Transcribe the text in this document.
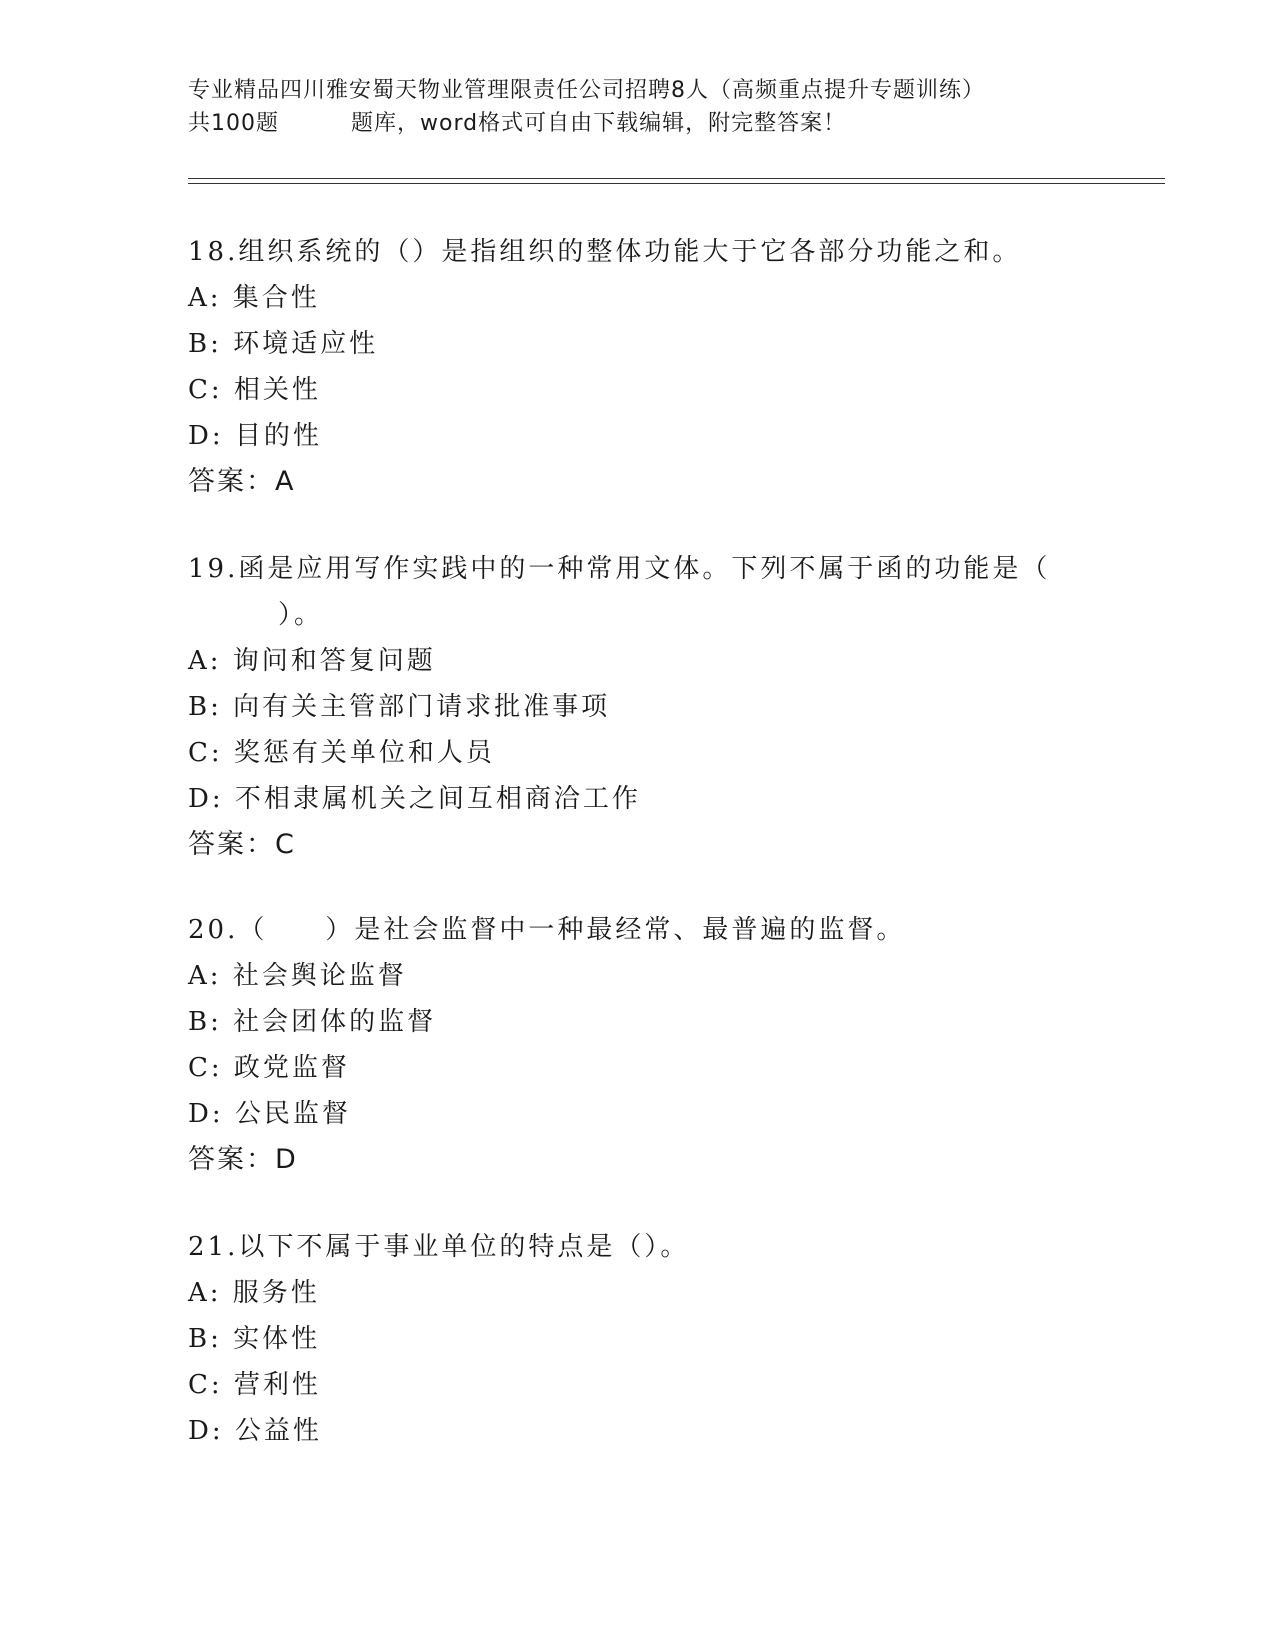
专业精品四川雅安蜀天物业管理限责任公司招聘8人（高频重点提升专题训练）
共100题	题库，word格式可自由下载编辑，附完整答案！
18.组织系统的（）是指组织的整体功能大于它各部分功能之和。
A: 集合性
B: 环境适应性
C: 相关性
D: 目的性
答案：A
19.函是应用写作实践中的一种常用文体。下列不属于函的功能是（
）。
A: 询问和答复问题
B: 向有关主管部门请求批准事项
C: 奖惩有关单位和人员
D: 不相隶属机关之间互相商洽工作
答案：C
20.（　　）是社会监督中一种最经常、最普遍的监督。
A: 社会舆论监督
B: 社会团体的监督
C: 政党监督
D: 公民监督
答案：D
21.以下不属于事业单位的特点是（）。
A: 服务性
B: 实体性
C: 营利性
D: 公益性
